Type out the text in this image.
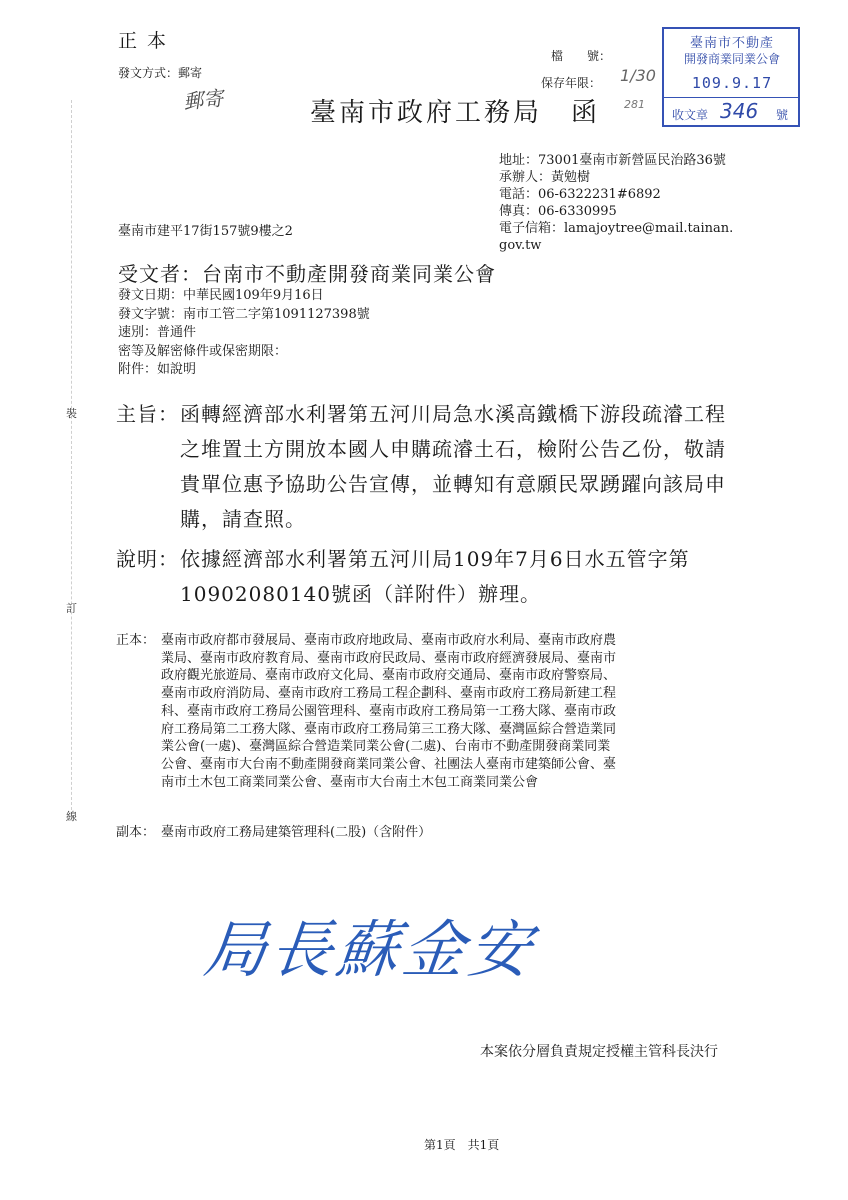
裝
訂
線
正本
發文方式：郵寄
郵寄
檔　　號：
保存年限： 1/30
281
臺南市政府工務局　函
臺南市不動產
開發商業同業公會
109.9.17
收文章 346 號
地址：73001臺南市新營區民治路36號
承辦人：黃勉樹
電話：06-6322231#6892
傳真：06-6330995
電子信箱：lamajoytree@mail.tainan.
gov.tw
臺南市建平17街157號9樓之2
受文者：台南市不動產開發商業同業公會
發文日期：中華民國109年9月16日
發文字號：南市工管二字第1091127398號
速別：普通件
密等及解密條件或保密期限：
附件：如說明
主旨： 函轉經濟部水利署第五河川局急水溪高鐵橋下游段疏濬工程
之堆置土方開放本國人申購疏濬土石，檢附公告乙份，敬請
貴單位惠予協助公告宣傳，並轉知有意願民眾踴躍向該局申
購，請查照。
說明： 依據經濟部水利署第五河川局109年7月6日水五管字第
10902080140號函（詳附件）辦理。
正本： 臺南市政府都市發展局、臺南市政府地政局、臺南市政府水利局、臺南市政府農
業局、臺南市政府教育局、臺南市政府民政局、臺南市政府經濟發展局、臺南市
政府觀光旅遊局、臺南市政府文化局、臺南市政府交通局、臺南市政府警察局、
臺南市政府消防局、臺南市政府工務局工程企劃科、臺南市政府工務局新建工程
科、臺南市政府工務局公園管理科、臺南市政府工務局第一工務大隊、臺南市政
府工務局第二工務大隊、臺南市政府工務局第三工務大隊、臺灣區綜合營造業同
業公會(一處)、臺灣區綜合營造業同業公會(二處)、台南市不動產開發商業同業
公會、臺南市大台南不動產開發商業同業公會、社團法人臺南市建築師公會、臺
南市土木包工商業同業公會、臺南市大台南土木包工商業同業公會
副本： 臺南市政府工務局建築管理科(二股)（含附件）
局長蘇金安
本案依分層負責規定授權主管科長決行
第1頁　共1頁
